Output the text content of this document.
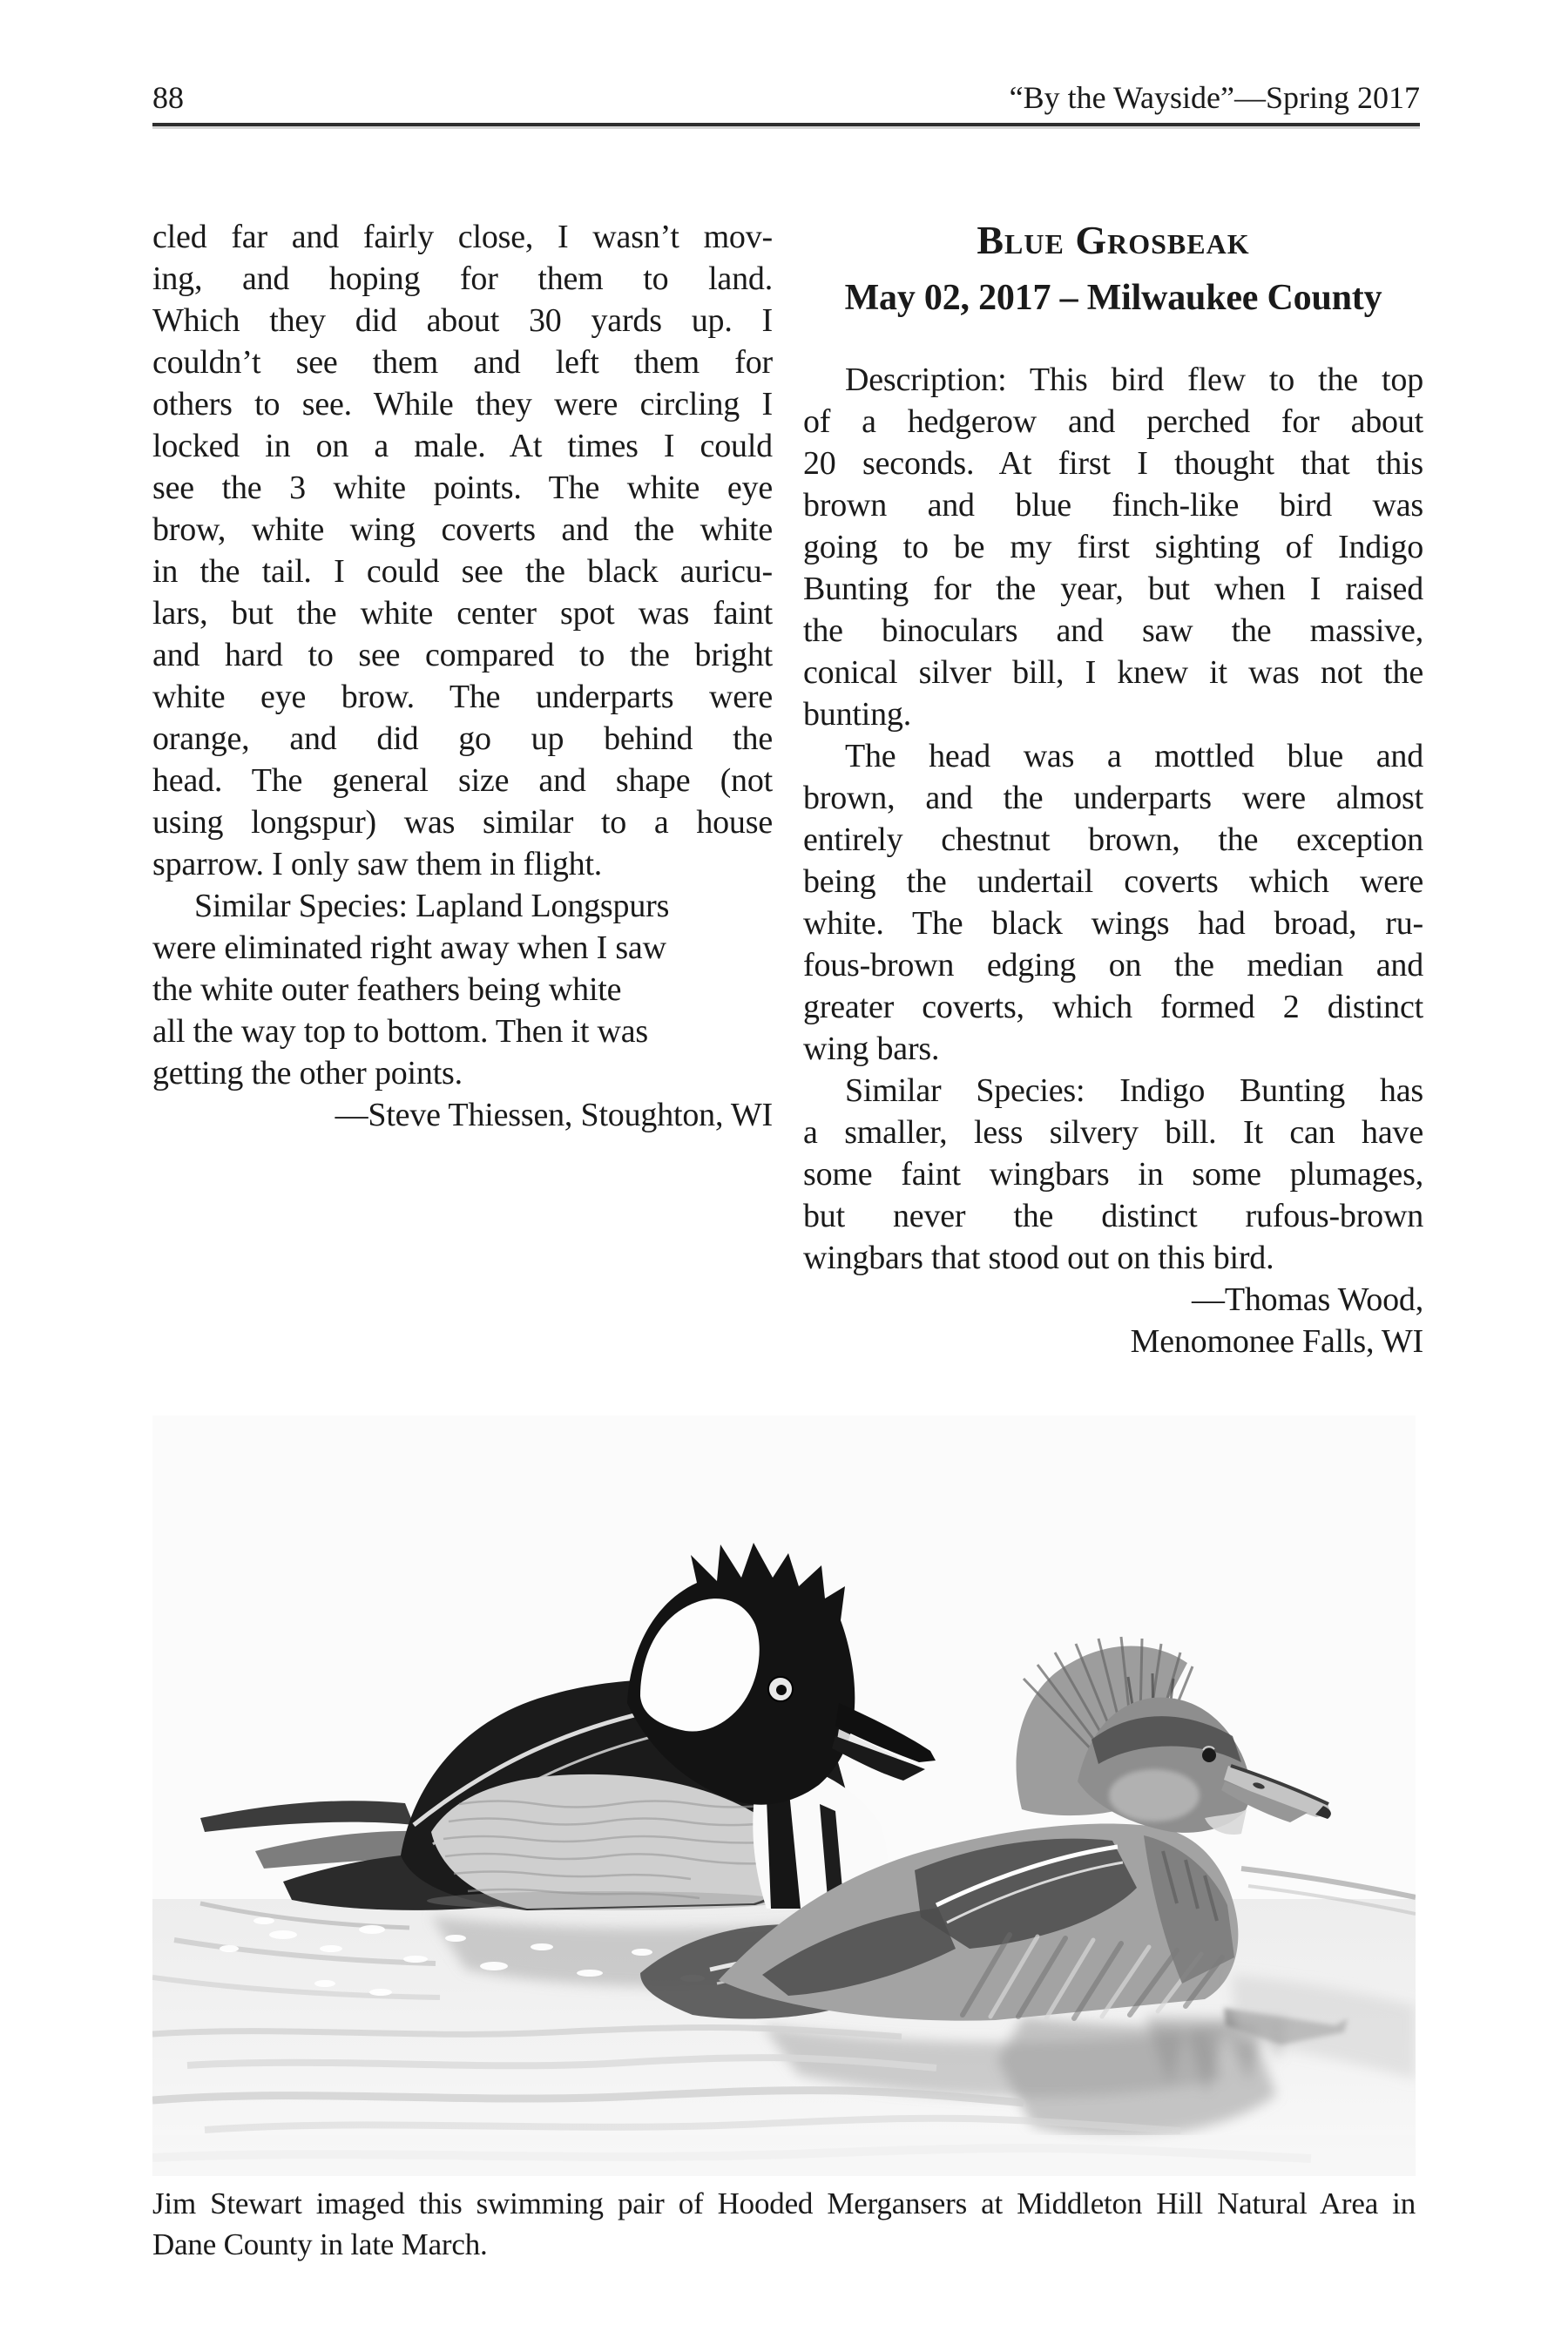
88	“By the Wayside”—Spring 2017
cled far and fairly close, I wasn’t mov-
ing, and hoping for them to land.
Which they did about 30 yards up. I
couldn’t see them and left them for
others to see. While they were circling I
locked in on a male. At times I could
see the 3 white points. The white eye
brow, white wing coverts and the white
in the tail. I could see the black auricu-
lars, but the white center spot was faint
and hard to see compared to the bright
white eye brow. The underparts were
orange, and did go up behind the
head. The general size and shape (not
using longspur) was similar to a house
sparrow. I only saw them in flight.
Similar Species: Lapland Longspurs
were eliminated right away when I saw
the white outer feathers being white
all the way top to bottom. Then it was
getting the other points.
—Steve Thiessen, Stoughton, WI
Blue Grosbeak
May 02, 2017 – Milwaukee County
Description: This bird flew to the top
of a hedgerow and perched for about
20 seconds. At first I thought that this
brown and blue finch-like bird was
going to be my first sighting of Indigo
Bunting for the year, but when I raised
the binoculars and saw the massive,
conical silver bill, I knew it was not the
bunting.
The head was a mottled blue and
brown, and the underparts were almost
entirely chestnut brown, the exception
being the undertail coverts which were
white. The black wings had broad, ru-
fous-brown edging on the median and
greater coverts, which formed 2 distinct
wing bars.
Similar Species: Indigo Bunting has
a smaller, less silvery bill. It can have
some faint wingbars in some plumages,
but never the distinct rufous-brown
wingbars that stood out on this bird.
—Thomas Wood,
Menomonee Falls, WI
Jim Stewart imaged this swimming pair of Hooded Mergansers at Middleton Hill Natural Area in
Dane County in late March.
